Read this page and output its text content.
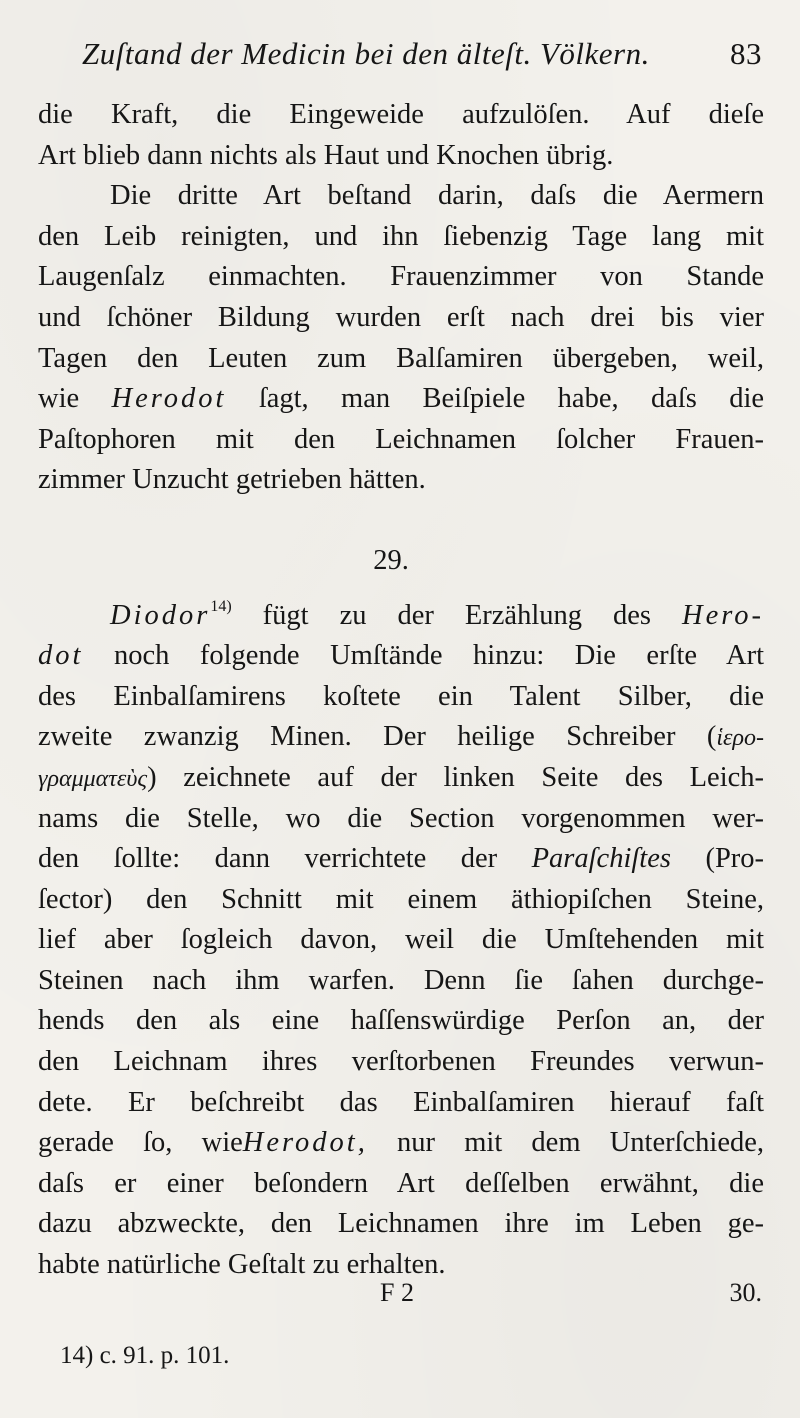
Zuſtand der Medicin bei den älteſt. Völkern.	83
die Kraft, die Eingeweide aufzulöſen. Auf dieſe
Art blieb dann nichts als Haut und Knochen übrig.
Die dritte Art beſtand darin, daſs die Aermern
den Leib reinigten, und ihn ſiebenzig Tage lang mit
Laugenſalz einmachten. Frauenzimmer von Stande
und ſchöner Bildung wurden erſt nach drei bis vier
Tagen den Leuten zum Balſamiren übergeben, weil,
wie Herodot ſagt, man Beiſpiele habe, daſs die
Paſtophoren mit den Leichnamen ſolcher Frauen-
zimmer Unzucht getrieben hätten.
29.
Diodor$^{14)}$ fügt zu der Erzählung des Hero-
dot noch folgende Umſtände hinzu: Die erſte Art
des Einbalſamirens koſtete ein Talent Silber, die
zweite zwanzig Minen. Der heilige Schreiber (ἱερο-
γραμματεὺς) zeichnete auf der linken Seite des Leich-
nams die Stelle, wo die Section vorgenommen wer-
den ſollte: dann verrichtete der Paraſchiſtes (Pro-
ſector) den Schnitt mit einem äthiopiſchen Steine,
lief aber ſogleich davon, weil die Umſtehenden mit
Steinen nach ihm warfen. Denn ſie ſahen durchge-
hends den als eine haſſenswürdige Perſon an, der
den Leichnam ihres verſtorbenen Freundes verwun-
dete. Er beſchreibt das Einbalſamiren hierauf faſt
gerade ſo, wieHerodot, nur mit dem Unterſchiede,
daſs er einer beſondern Art deſſelben erwähnt, die
dazu abzweckte, den Leichnamen ihre im Leben ge-
habte natürliche Geſtalt zu erhalten.
F 2	30.
14) c. 91. p. 101.
